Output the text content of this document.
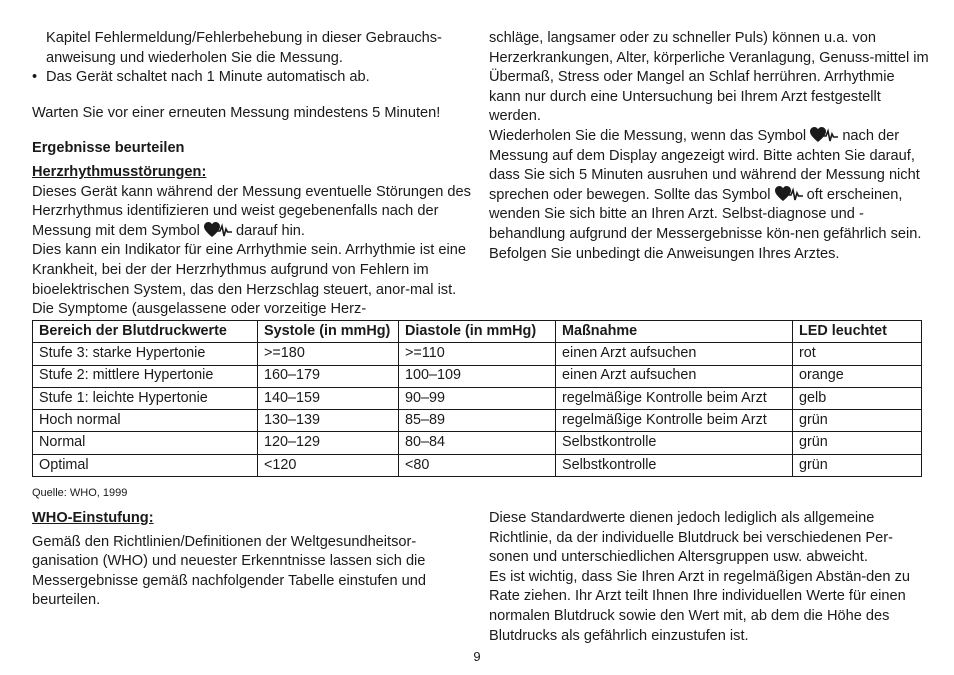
Kapitel Fehlermeldung/Fehlerbehebung in dieser Gebrauchs-

anweisung und wiederholen Sie die Messung.

• Das Gerät schaltet nach 1 Minute automatisch ab.

Warten Sie vor einer erneuten Messung mindestens 5 Minuten!

Ergebnisse beurteilen

Herzrhythmusstörungen:

Dieses Gerät kann während der Messung eventuelle Störungen des Herzrhythmus identifizieren und weist gegebenenfalls nach der Messung mit dem Symbol darauf hin.

Dies kann ein Indikator für eine Arrhythmie sein. Arrhythmie ist eine Krankheit, bei der der Herzrhythmus aufgrund von Fehlern im bioelektrischen System, das den Herzschlag steuert, anor-mal ist. Die Symptome (ausgelassene oder vorzeitige Herz-

schläge, langsamer oder zu schneller Puls) können u.a. von Herzerkrankungen, Alter, körperliche Veranlagung, Genuss-mittel im Übermaß, Stress oder Mangel an Schlaf herrühren. Arrhythmie kann nur durch eine Untersuchung bei Ihrem Arzt festgestellt werden.

Wiederholen Sie die Messung, wenn das Symbol nach der Messung auf dem Display angezeigt wird. Bitte achten Sie darauf, dass Sie sich 5 Minuten ausruhen und während der Messung nicht sprechen oder bewegen. Sollte das Symbol oft erscheinen, wenden Sie sich bitte an Ihren Arzt. Selbst-diagnose und -behandlung aufgrund der Messergebnisse kön-nen gefährlich sein. Befolgen Sie unbedingt die Anweisungen Ihres Arztes.

Bereich der Blutdruckwerte	Systole (in mmHg)	Diastole (in mmHg)	Maßnahme	LED leuchtet
Stufe 3: starke Hypertonie	>=180	>=110	einen Arzt aufsuchen	rot
Stufe 2: mittlere Hypertonie	160–179	100–109	einen Arzt aufsuchen	orange
Stufe 1: leichte Hypertonie	140–159	90–99	regelmäßige Kontrolle beim Arzt	gelb
Hoch normal	130–139	85–89	regelmäßige Kontrolle beim Arzt	grün
Normal	120–129	80–84	Selbstkontrolle	grün
Optimal	<120	<80	Selbstkontrolle	grün
Quelle: WHO, 1999

WHO-Einstufung:

Gemäß den Richtlinien/Definitionen der Weltgesundheitsor-ganisation (WHO) und neuester Erkenntnisse lassen sich die Messergebnisse gemäß nachfolgender Tabelle einstufen und beurteilen.

Diese Standardwerte dienen jedoch lediglich als allgemeine Richtlinie, da der individuelle Blutdruck bei verschiedenen Per-sonen und unterschiedlichen Altersgruppen usw. abweicht.

Es ist wichtig, dass Sie Ihren Arzt in regelmäßigen Abstän-den zu Rate ziehen. Ihr Arzt teilt Ihnen Ihre individuellen Werte für einen normalen Blutdruck sowie den Wert mit, ab dem die Höhe des Blutdrucks als gefährlich einzustufen ist.

9
